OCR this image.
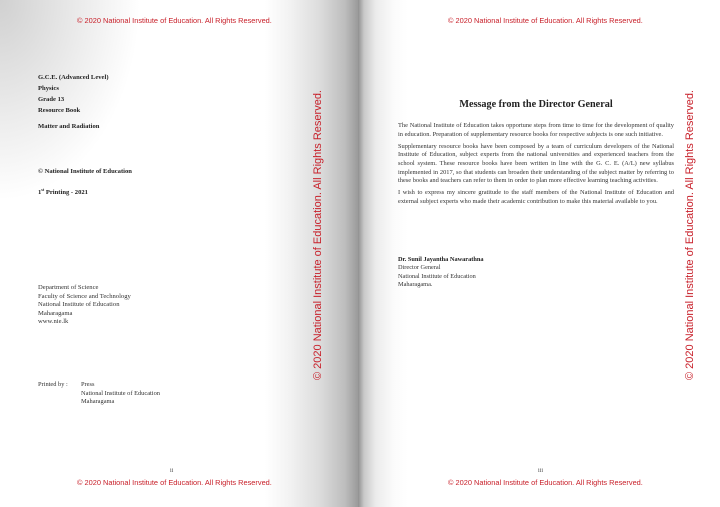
© 2020 National Institute of Education. All Rights Reserved.
G.C.E. (Advanced Level)
Physics
Grade 13
Resource Book
Matter and Radiation
© National Institute of Education
1st Printing - 2021
Department of Science
Faculty of Science and Technology
National Institute of Education
Maharagama
www.nie.lk
Printed by : Press
National Institute of Education
Maharagama
ii
© 2020 National Institute of Education. All Rights Reserved.
© 2020 National Institute of Education. All Rights Reserved.
© 2020 National Institute of Education. All Rights Reserved.
iii
© 2020 National Institute of Education. All Rights Reserved.
© 2020 National Institute of Education. All Rights Reserved.
Message from the Director General

The National Institute of Education takes opportune steps from time to time for the development of quality in education. Preparation of supplementary resource books for respective subjects is one such initiative.

Supplementary resource books have been composed by a team of curriculum developers of the National Institute of Education, subject experts from the national universities and experienced teachers from the school system. These resource books have been written in line with the G. C. E. (A/L) new syllabus implemented in 2017, so that students can broaden their understanding of the subject matter by referring to these books and teachers can refer to them in order to plan more effective learning teaching activities.

I wish to express my sincere gratitude to the staff members of the National Institute of Education and external subject experts who made their academic contribution to make this material available to you.

Dr. Sunil Jayantha Nawarathna
Director General
National Institute of Education
Maharagama.
